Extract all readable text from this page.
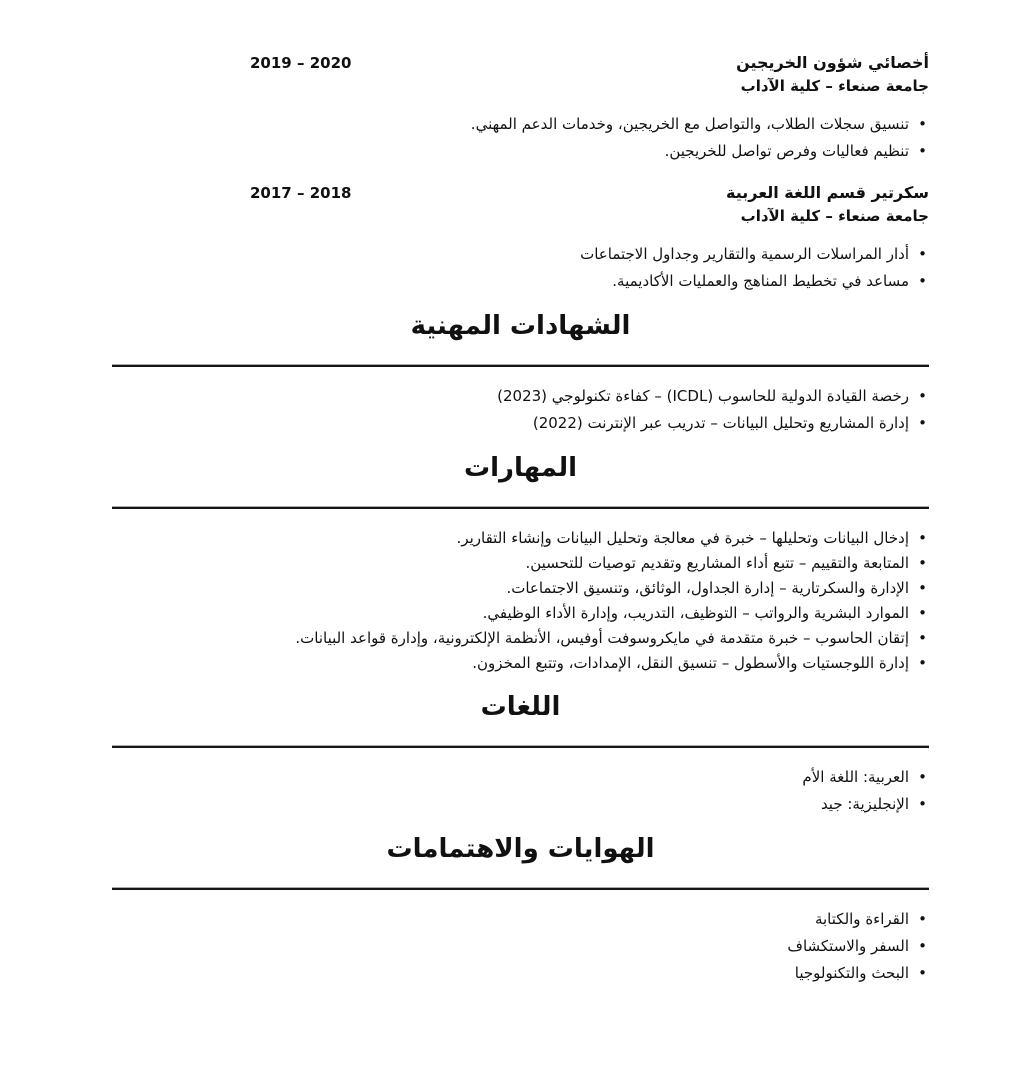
أخصائي شؤون الخريجين
2019 – 2020
جامعة صنعاء – كلية الآداب
• تنسيق سجلات الطلاب، والتواصل مع الخريجين، وخدمات الدعم المهني.
• تنظيم فعاليات وفرص تواصل للخريجين.
سكرتير قسم اللغة العربية
2017 – 2018
جامعة صنعاء – كلية الآداب
• أدار المراسلات الرسمية والتقارير وجداول الاجتماعات
• مساعد في تخطيط المناهج والعمليات الأكاديمية.
الشهادات المهنية
• رخصة القيادة الدولية للحاسوب (ICDL) – كفاءة تكنولوجي (2023)
• إدارة المشاريع وتحليل البيانات – تدريب عبر الإنترنت (2022)
المهارات
• إدخال البيانات وتحليلها – خبرة في معالجة وتحليل البيانات وإنشاء التقارير.
• المتابعة والتقييم – تتبع أداء المشاريع وتقديم توصيات للتحسين.
• الإدارة والسكرتارية – إدارة الجداول، الوثائق، وتنسيق الاجتماعات.
• الموارد البشرية والرواتب – التوظيف، التدريب، وإدارة الأداء الوظيفي.
• إتقان الحاسوب – خبرة متقدمة في مايكروسوفت أوفيس، الأنظمة الإلكترونية، وإدارة قواعد البيانات.
• إدارة اللوجستيات والأسطول – تنسيق النقل، الإمدادات، وتتبع المخزون.
اللغات
• العربية: اللغة الأم
• الإنجليزية: جيد
الهوايات والاهتمامات
• القراءة والكتابة
• السفر والاستكشاف
• البحث والتكنولوجيا
